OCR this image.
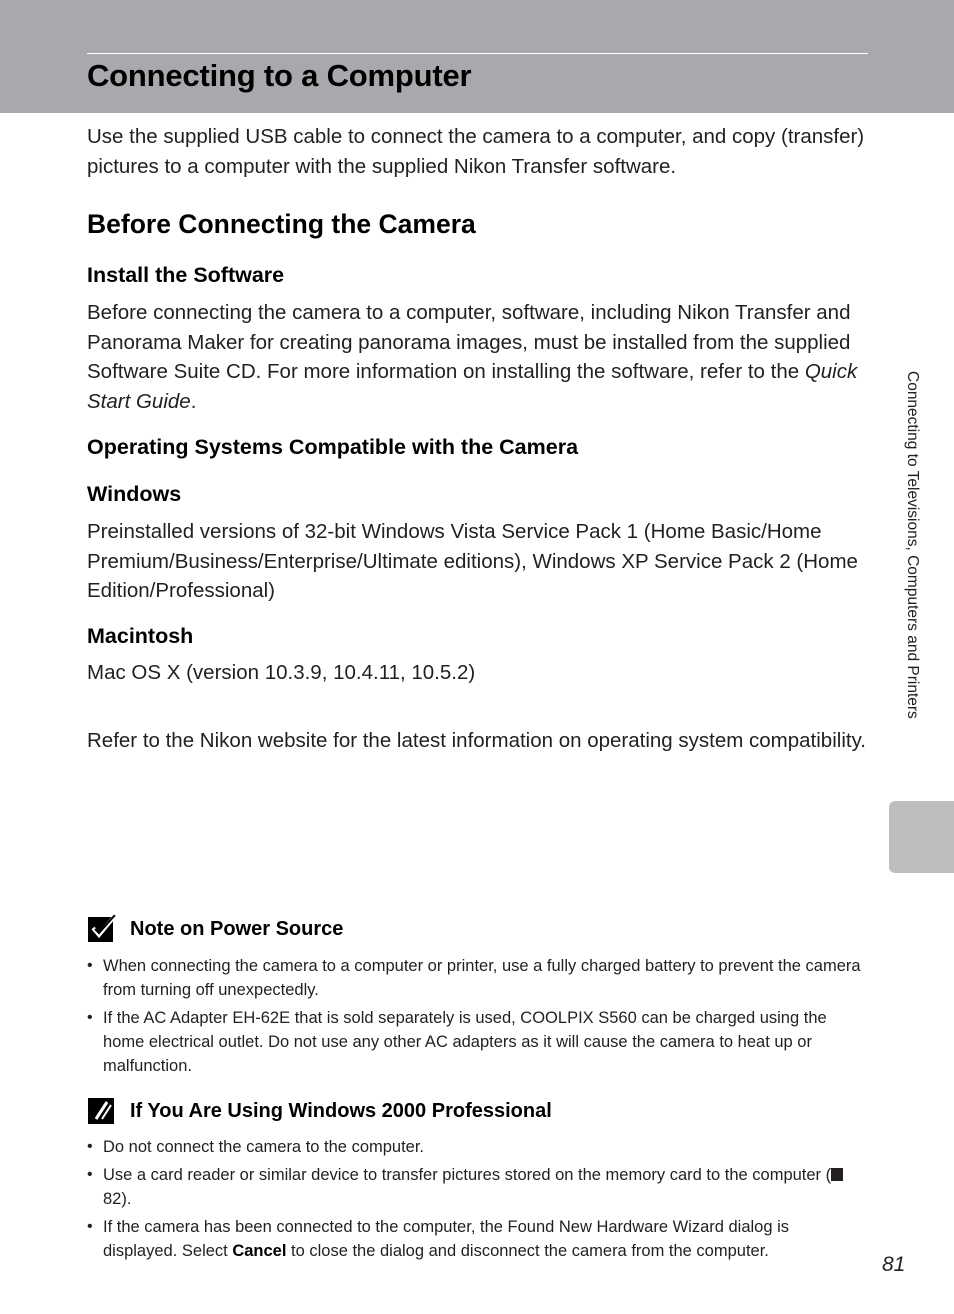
Connecting to a Computer

Use the supplied USB cable to connect the camera to a computer, and copy (transfer) pictures to a computer with the supplied Nikon Transfer software.

Before Connecting the Camera
Install the Software

Before connecting the camera to a computer, software, including Nikon Transfer and Panorama Maker for creating panorama images, must be installed from the supplied Software Suite CD. For more information on installing the software, refer to the Quick Start Guide.

Operating Systems Compatible with the Camera
Windows

Preinstalled versions of 32-bit Windows Vista Service Pack 1 (Home Basic/Home Premium/Business/Enterprise/Ultimate editions), Windows XP Service Pack 2 (Home Edition/Professional)

Macintosh

Mac OS X (version 10.3.9, 10.4.11, 10.5.2)

Refer to the Nikon website for the latest information on operating system compatibility.

Connecting to Televisions, Computers and Printers
Note on Power Source
• When connecting the camera to a computer or printer, use a fully charged battery to prevent the camera from turning off unexpectedly.
• If the AC Adapter EH-62E that is sold separately is used, COOLPIX S560 can be charged using the home electrical outlet. Do not use any other AC adapters as it will cause the camera to heat up or malfunction.
If You Are Using Windows 2000 Professional
• Do not connect the camera to the computer.
• Use a card reader or similar device to transfer pictures stored on the memory card to the computer (82).
• If the camera has been connected to the computer, the Found New Hardware Wizard dialog is displayed. Select Cancel to close the dialog and disconnect the camera from the computer.
81
